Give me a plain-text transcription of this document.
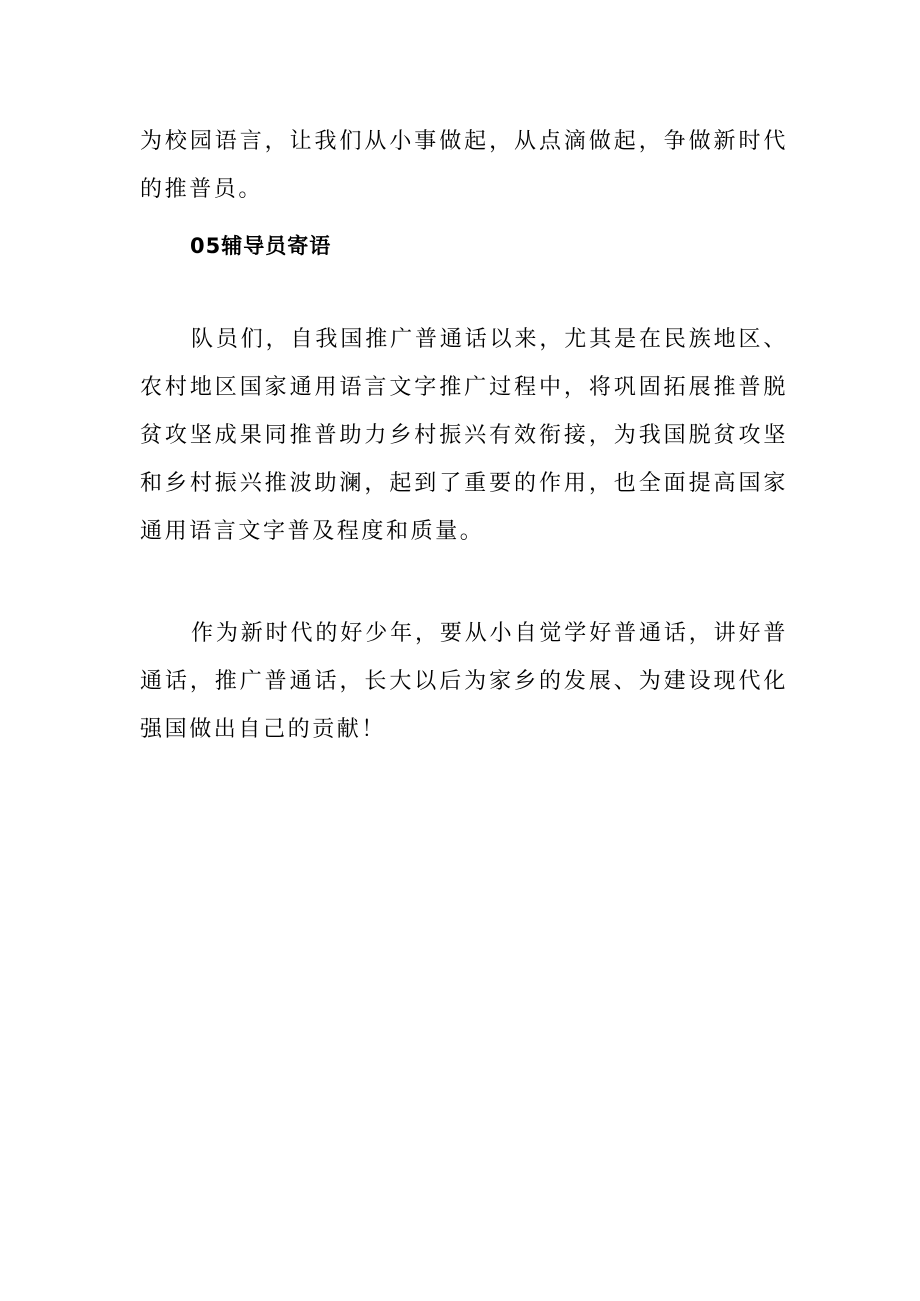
为校园语言，让我们从小事做起，从点滴做起，争做新时代的推普员。

05辅导员寄语

队员们，自我国推广普通话以来，尤其是在民族地区、农村地区国家通用语言文字推广过程中，将巩固拓展推普脱贫攻坚成果同推普助力乡村振兴有效衔接，为我国脱贫攻坚和乡村振兴推波助澜，起到了重要的作用，也全面提高国家通用语言文字普及程度和质量。

作为新时代的好少年，要从小自觉学好普通话，讲好普通话，推广普通话，长大以后为家乡的发展、为建设现代化强国做出自己的贡献！
